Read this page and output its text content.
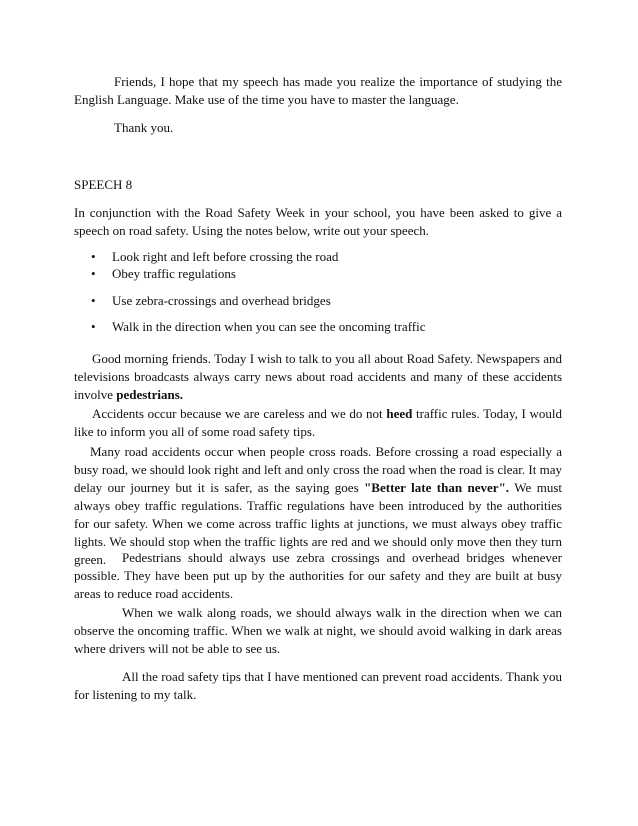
Friends, I hope that my speech has made you realize the importance of studying the English Language. Make use of the time you have to master the language.

Thank you.

SPEECH 8

In conjunction with the Road Safety Week in your school, you have been asked to give a speech on road safety. Using the notes below, write out your speech.

• Look right and left before crossing the road
• Obey traffic regulations
• Use zebra-crossings and overhead bridges
• Walk in the direction when you can see the oncoming traffic

Good morning friends. Today I wish to talk to you all about Road Safety. Newspapers and televisions broadcasts always carry news about road accidents and many of these accidents involve pedestrians.

Accidents occur because we are careless and we do not heed traffic rules. Today, I would like to inform you all of some road safety tips.

Many road accidents occur when people cross roads. Before crossing a road especially a busy road, we should look right and left and only cross the road when the road is clear. It may delay our journey but it is safer, as the saying goes "Better late than never". We must always obey traffic regulations. Traffic regulations have been introduced by the authorities for our safety. When we come across traffic lights at junctions, we must always obey traffic lights. We should stop when the traffic lights are red and we should only move then they turn green.	Pedestrians should always use zebra crossings and overhead bridges whenever possible. They have been put up by the authorities for our safety and they are built at busy areas to reduce road accidents.

When we walk along roads, we should always walk in the direction when we can observe the oncoming traffic. When we walk at night, we should avoid walking in dark areas where drivers will not be able to see us.

All the road safety tips that I have mentioned can prevent road accidents. Thank you for listening to my talk.
